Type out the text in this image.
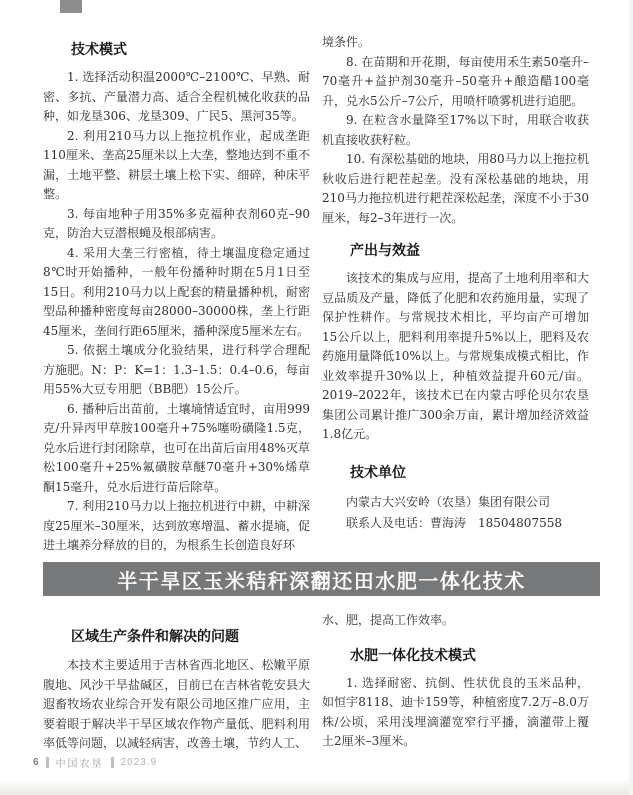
技术模式

1. 选择活动积温2000℃–2100℃、早熟、耐密、多抗、产量潜力高、适合全程机械化收获的品种，如龙垦306、龙垦309、广民5、黑河35等。

2. 利用210马力以上拖拉机作业，起成垄距110厘米、垄高25厘米以上大垄，整地达到不重不漏，土地平整、耕层土壤上松下实、细碎，种床平整。

3. 每亩地种子用35%多克福种衣剂60克–90克，防治大豆潜根蝇及根部病害。

4. 采用大垄三行密植，待土壤温度稳定通过8℃时开始播种，一般年份播种时期在5月1日至15日。利用210马力以上配套的精量播种机，耐密型品种播种密度每亩28000–30000株，垄上行距45厘米，垄间行距65厘米，播种深度5厘米左右。

5. 依据土壤成分化验结果，进行科学合理配方施肥。N：P：K=1：1.3–1.5：0.4–0.6，每亩用55%大豆专用肥（BB肥）15公斤。

6. 播种后出苗前，土壤墒情适宜时，亩用999克/升异丙甲草胺100毫升+75%噻吩磺隆1.5克，兑水后进行封闭除草，也可在出苗后亩用48%灭草松100毫升+25%氟磺胺草醚70毫升+30%烯草酮15毫升，兑水后进行苗后除草。

7. 利用210马力以上拖拉机进行中耕，中耕深度25厘米–30厘米，达到放寒增温、蓄水提墒，促进土壤养分释放的目的，为根系生长创造良好环

境条件。

8. 在苗期和开花期，每亩使用禾生素50毫升–70毫升+益护剂30毫升–50毫升+酿造醋100毫升，兑水5公斤–7公斤，用喷杆喷雾机进行追肥。

9. 在粒含水量降至17%以下时，用联合收获机直接收获籽粒。

10. 有深松基础的地块，用80马力以上拖拉机秋收后进行耙茬起垄。没有深松基础的地块，用210马力拖拉机进行耙茬深松起垄，深度不小于30厘米，每2–3年进行一次。

产出与效益

该技术的集成与应用，提高了土地利用率和大豆品质及产量，降低了化肥和农药施用量，实现了保护性耕作。与常规技术相比，平均亩产可增加15公斤以上，肥料利用率提升5%以上，肥料及农药施用量降低10%以上。与常规集成模式相比，作业效率提升30%以上，种植效益提升60元/亩。2019–2022年，该技术已在内蒙古呼伦贝尔农垦集团公司累计推广300余万亩，累计增加经济效益1.8亿元。

技术单位

内蒙古大兴安岭（农垦）集团有限公司

联系人及电话：曹海涛　18504807558

半干旱区玉米秸秆深翻还田水肥一体化技术
区域生产条件和解决的问题

本技术主要适用于吉林省西北地区、松嫩平原腹地、风沙干旱盐碱区，目前已在吉林省乾安县大遐畜牧场农业综合开发有限公司地区推广应用，主要着眼于解决半干旱区域农作物产量低、肥料利用率低等问题，以减轻病害，改善土壤，节约人工、

水、肥，提高工作效率。

水肥一体化技术模式

1. 选择耐密、抗倒、性状优良的玉米品种，如恒宇8118、迪卡159等，种植密度7.2万–8.0万株/公顷，采用浅埋滴灌宽窄行平播，滴灌带上覆土2厘米–3厘米。

6 中国农垦 2023.9
